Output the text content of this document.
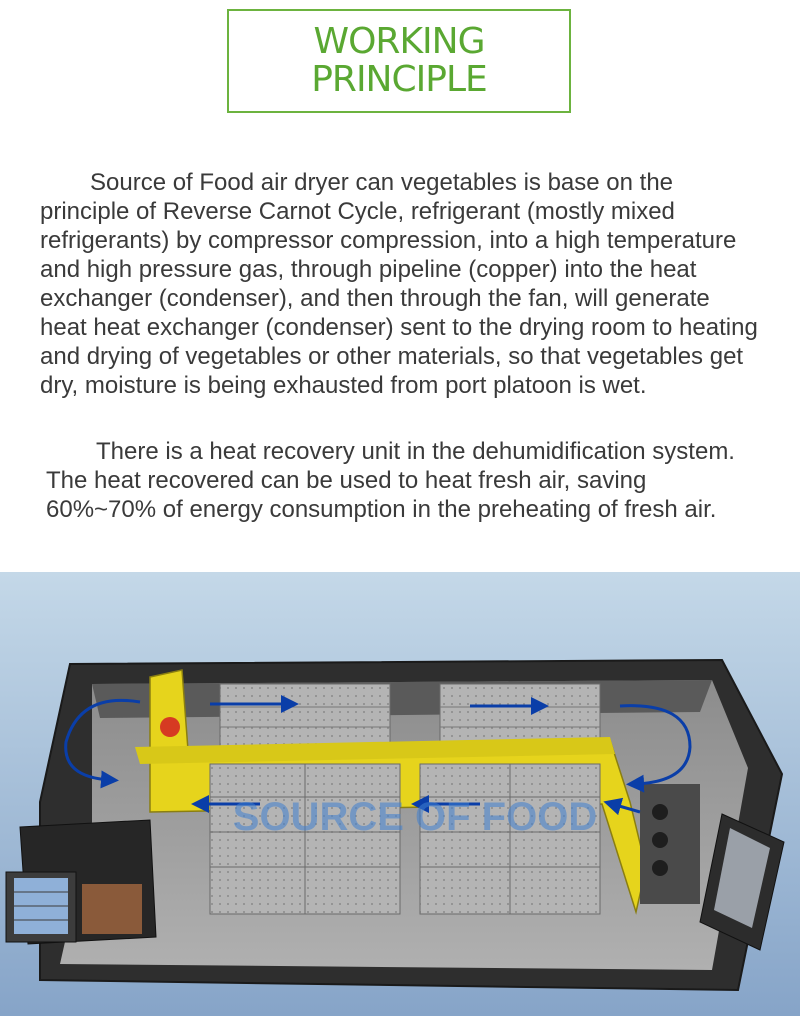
WORKING
PRINCIPLE

Source of Food air dryer can vegetables is base on the principle of Reverse Carnot Cycle, refrigerant (mostly mixed refrigerants) by compressor compression, into a high temperature and high pressure gas, through pipeline (copper) into the heat exchanger (condenser), and then through the fan, will generate heat heat exchanger (condenser) sent to the drying room to heating and drying of vegetables or other materials, so that vegetables get dry, moisture is being exhausted from port platoon is wet.

There is a heat recovery unit in the dehumidification system. The heat recovered can be used to heat fresh air, saving 60%~70% of energy consumption in the preheating of fresh air.

SOURCE OF FOOD
